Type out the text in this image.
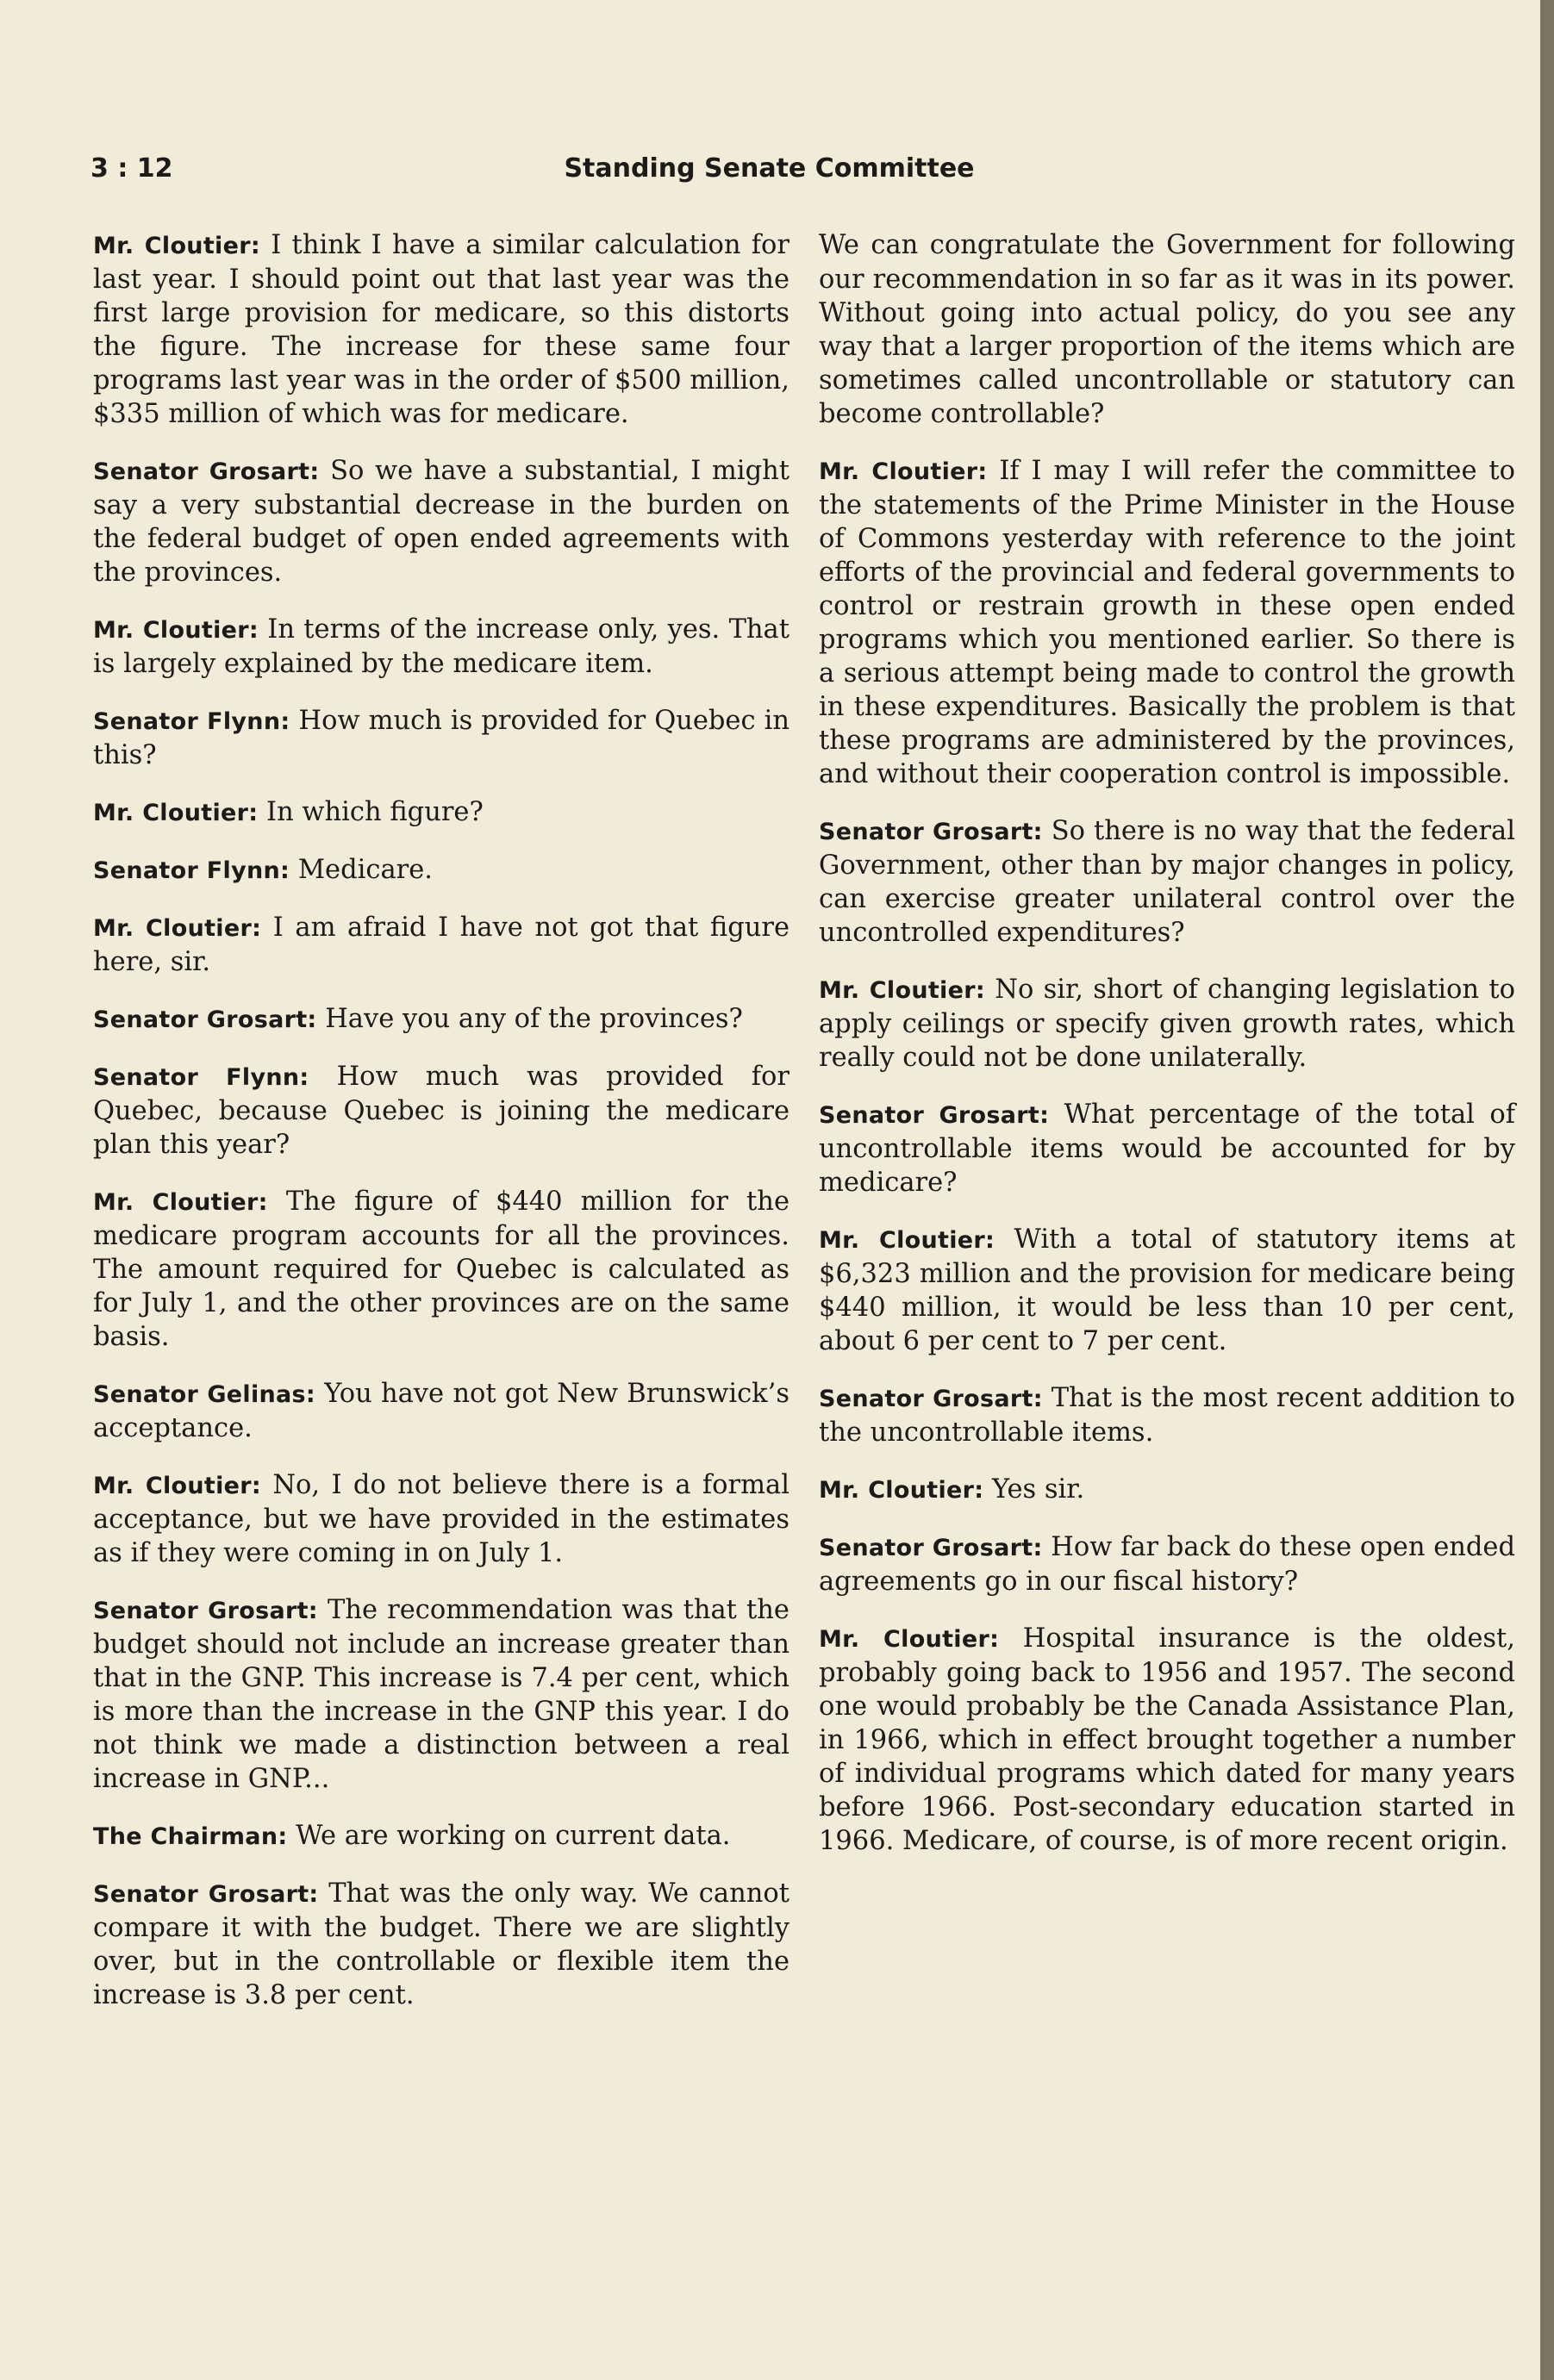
3 : 12	Standing Senate Committee

Mr. Cloutier: I think I have a similar calculation for last year. I should point out that last year was the first large provision for medicare, so this distorts the figure. The increase for these same four programs last year was in the order of $500 million, $335 million of which was for medicare.

Senator Grosart: So we have a substantial, I might say a very substantial decrease in the burden on the federal budget of open ended agreements with the provinces.

Mr. Cloutier: In terms of the increase only, yes. That is largely explained by the medicare item.

Senator Flynn: How much is provided for Quebec in this?

Mr. Cloutier: In which figure?

Senator Flynn: Medicare.

Mr. Cloutier: I am afraid I have not got that figure here, sir.

Senator Grosart: Have you any of the provinces?

Senator Flynn: How much was provided for Quebec, because Quebec is joining the medicare plan this year?

Mr. Cloutier: The figure of $440 million for the medicare program accounts for all the provinces. The amount required for Quebec is calculated as for July 1, and the other provinces are on the same basis.

Senator Gelinas: You have not got New Brunswick’s acceptance.

Mr. Cloutier: No, I do not believe there is a formal acceptance, but we have provided in the estimates as if they were coming in on July 1.

Senator Grosart: The recommendation was that the budget should not include an increase greater than that in the GNP. This increase is 7.4 per cent, which is more than the increase in the GNP this year. I do not think we made a distinction between a real increase in GNP...

The Chairman: We are working on current data.

Senator Grosart: That was the only way. We cannot compare it with the budget. There we are slightly over, but in the controllable or flexible item the increase is 3.8 per cent.

We can congratulate the Government for following our recommendation in so far as it was in its power. Without going into actual policy, do you see any way that a larger proportion of the items which are sometimes called uncontrollable or statutory can become controllable?

Mr. Cloutier: If I may I will refer the committee to the statements of the Prime Minister in the House of Commons yesterday with reference to the joint efforts of the provincial and federal governments to control or restrain growth in these open ended programs which you mentioned earlier. So there is a serious attempt being made to control the growth in these expenditures. Basically the problem is that these programs are administered by the provinces, and without their cooperation control is impossible.

Senator Grosart: So there is no way that the federal Government, other than by major changes in policy, can exercise greater unilateral control over the uncontrolled expenditures?

Mr. Cloutier: No sir, short of changing legislation to apply ceilings or specify given growth rates, which really could not be done unilaterally.

Senator Grosart: What percentage of the total of uncontrollable items would be accounted for by medicare?

Mr. Cloutier: With a total of statutory items at $6,323 million and the provision for medicare being $440 million, it would be less than 10 per cent, about 6 per cent to 7 per cent.

Senator Grosart: That is the most recent addition to the uncontrollable items.

Mr. Cloutier: Yes sir.

Senator Grosart: How far back do these open ended agreements go in our fiscal history?

Mr. Cloutier: Hospital insurance is the oldest, probably going back to 1956 and 1957. The second one would probably be the Canada Assistance Plan, in 1966, which in effect brought together a number of individual programs which dated for many years before 1966. Post-secondary education started in 1966. Medicare, of course, is of more recent origin.
